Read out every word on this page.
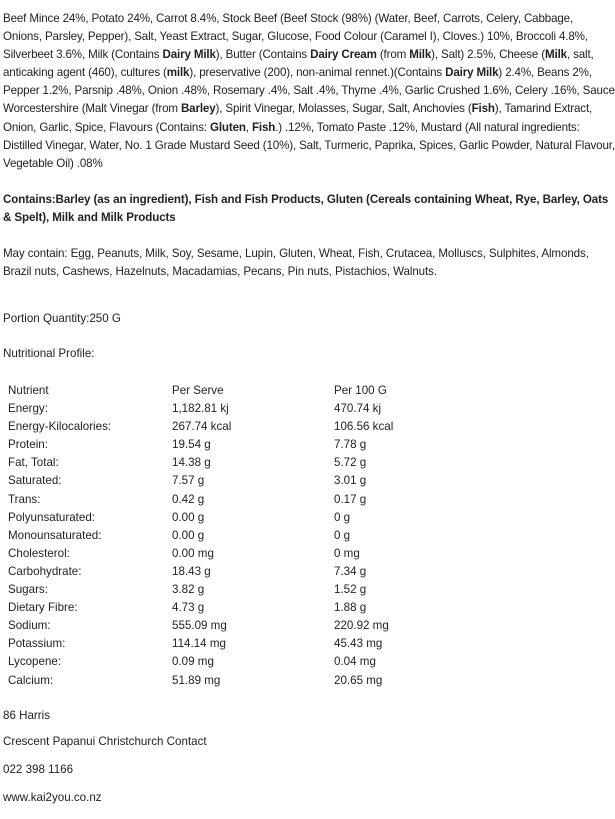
Beef Mince 24%, Potato 24%, Carrot 8.4%, Stock Beef (Beef Stock (98%) (Water, Beef, Carrots, Celery, Cabbage, Onions, Parsley, Pepper), Salt, Yeast Extract, Sugar, Glucose, Food Colour (Caramel I), Cloves.) 10%, Broccoli 4.8%, Silverbeet 3.6%, Milk (Contains Dairy Milk), Butter (Contains Dairy Cream (from Milk), Salt) 2.5%, Cheese (Milk, salt, anticaking agent (460), cultures (milk), preservative (200), non-animal rennet.)(Contains Dairy Milk) 2.4%, Beans 2%, Pepper 1.2%, Parsnip .48%, Onion .48%, Rosemary .4%, Salt .4%, Thyme .4%, Garlic Crushed 1.6%, Celery .16%, Sauce Worcestershire (Malt Vinegar (from Barley), Spirit Vinegar, Molasses, Sugar, Salt, Anchovies (Fish), Tamarind Extract, Onion, Garlic, Spice, Flavours (Contains: Gluten, Fish.) .12%, Tomato Paste .12%, Mustard (All natural ingredients: Distilled Vinegar, Water, No. 1 Grade Mustard Seed (10%), Salt, Turmeric, Paprika, Spices, Garlic Powder, Natural Flavour, Vegetable Oil) .08%
Contains:Barley (as an ingredient), Fish and Fish Products, Gluten (Cereals containing Wheat, Rye, Barley, Oats & Spelt), Milk and Milk Products
May contain: Egg, Peanuts, Milk, Soy, Sesame, Lupin, Gluten, Wheat, Fish, Crutacea, Molluscs, Sulphites, Almonds, Brazil nuts, Cashews, Hazelnuts, Macadamias, Pecans, Pin nuts, Pistachios, Walnuts.
Portion Quantity:250 G
Nutritional Profile:
Nutrient	Per Serve	Per 100 G
Energy:	1,182.81 kj	470.74 kj
Energy-Kilocalories:	267.74 kcal	106.56 kcal
Protein:	19.54 g	7.78 g
Fat, Total:	14.38 g	5.72 g
Saturated:	7.57 g	3.01 g
Trans:	0.42 g	0.17 g
Polyunsaturated:	0.00 g	0 g
Monounsaturated:	0.00 g	0 g
Cholesterol:	0.00 mg	0 mg
Carbohydrate:	18.43 g	7.34 g
Sugars:	3.82 g	1.52 g
Dietary Fibre:	4.73 g	1.88 g
Sodium:	555.09 mg	220.92 mg
Potassium:	114.14 mg	45.43 mg
Lycopene:	0.09 mg	0.04 mg
Calcium:	51.89 mg	20.65 mg
86 Harris
Crescent Papanui Christchurch Contact
022 398 1166
www.kai2you.co.nz
